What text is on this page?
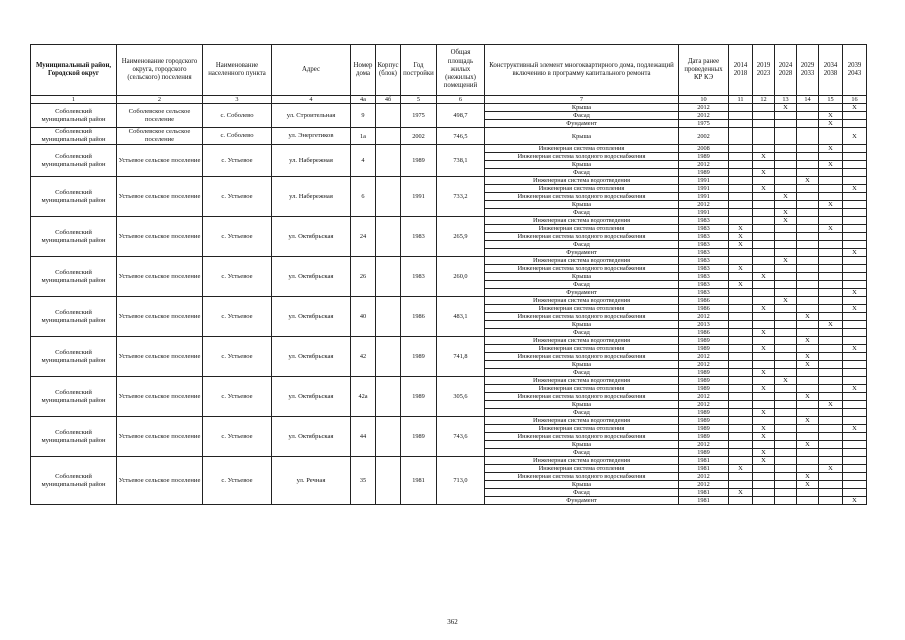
Муниципальный район, Городской округ	Наименование городского округа, городского (сельского) поселения	Наименование населенного пункта	Адрес	Номер дома	Корпус (блок)	Год постройки	Общая площадь жилых (нежилых) помещений	Конструктивный элемент многоквартирного дома, подлежащий включению в программу капитального ремонта	Дата ранее проведенных КР КЭ	2014 2018	2019 2023	2024 2028	2029 2033	2034 2038	2039 2043
1	2	3	4	4a	4б	5	6	7	10	11	12	13	14	15	16
Соболевский муниципальный район	Соболевское сельское поселение	с. Соболево	ул. Строительная	9		1975	498,7	Крыша	2012			X			X
								Фасад	2012					X	
								Фундамент	1975					X	
Соболевский муниципальный район	Соболевское сельское поселение	с. Соболево	ул. Энергетиков	1а		2002	746,5	Крыша	2002						X
Соболевский муниципальный район	Устьевое сельское поселение	с. Устьевое	ул. Набережная	4		1989	738,1	Инженерная система отопления	2008					X	
								Инженерная система холодного водоснабжения	1989		X				
								Крыша	2012					X	
								Фасад	1989		X				
Соболевский муниципальный район	Устьевое сельское поселение	с. Устьевое	ул. Набережная	6		1991	733,2	Инженерная система водоотведения	1991				X		
								Инженерная система отопления	1991		X				X
								Инженерная система холодного водоснабжения	1991			X			
								Крыша	2012					X	
								Фасад	1991			X			
Соболевский муниципальный район	Устьевое сельское поселение	с. Устьевое	ул. Октябрьская	24		1983	265,9	Инженерная система водоотведения	1983			X			
								Инженерная система отопления	1983	X				X	
								Инженерная система холодного водоснабжения	1983	X					
								Фасад	1983	X					
								Фундамент	1983						X
Соболевский муниципальный район	Устьевое сельское поселение	с. Устьевое	ул. Октябрьская	26		1983	260,0	Инженерная система водоотведения	1983			X			
								Инженерная система холодного водоснабжения	1983	X					
								Крыша	1983		X				
								Фасад	1983	X					
								Фундамент	1983						X
Соболевский муниципальный район	Устьевое сельское поселение	с. Устьевое	ул. Октябрьская	40		1986	483,1	Инженерная система водоотведения	1986			X			
								Инженерная система отопления	1986		X				X
								Инженерная система холодного водоснабжения	2012				X		
								Крыша	2013					X	
								Фасад	1986		X				
Соболевский муниципальный район	Устьевое сельское поселение	с. Устьевое	ул. Октябрьская	42		1989	741,8	Инженерная система водоотведения	1989				X		
								Инженерная система отопления	1989		X				X
								Инженерная система холодного водоснабжения	2012				X		
								Крыша	2012				X		
								Фасад	1989		X				
Соболевский муниципальный район	Устьевое сельское поселение	с. Устьевое	ул. Октябрьская	42а		1989	305,6	Инженерная система водоотведения	1989			X			
								Инженерная система отопления	1989		X				X
								Инженерная система холодного водоснабжения	2012				X		
								Крыша	2012					X	
								Фасад	1989		X				
Соболевский муниципальный район	Устьевое сельское поселение	с. Устьевое	ул. Октябрьская	44		1989	743,6	Инженерная система водоотведения	1989				X		
								Инженерная система отопления	1989		X				X
								Инженерная система холодного водоснабжения	1989		X				
								Крыша	2012				X		
								Фасад	1989		X				
Соболевский муниципальный район	Устьевое сельское поселение	с. Устьевое	ул. Речная	35		1981	713,0	Инженерная система водоотведения	1981		X				
								Инженерная система отопления	1981	X				X	
								Инженерная система холодного водоснабжения	2012				X		
								Крыша	2012				X		
								Фасад	1981	X					
								Фундамент	1981						X
362
